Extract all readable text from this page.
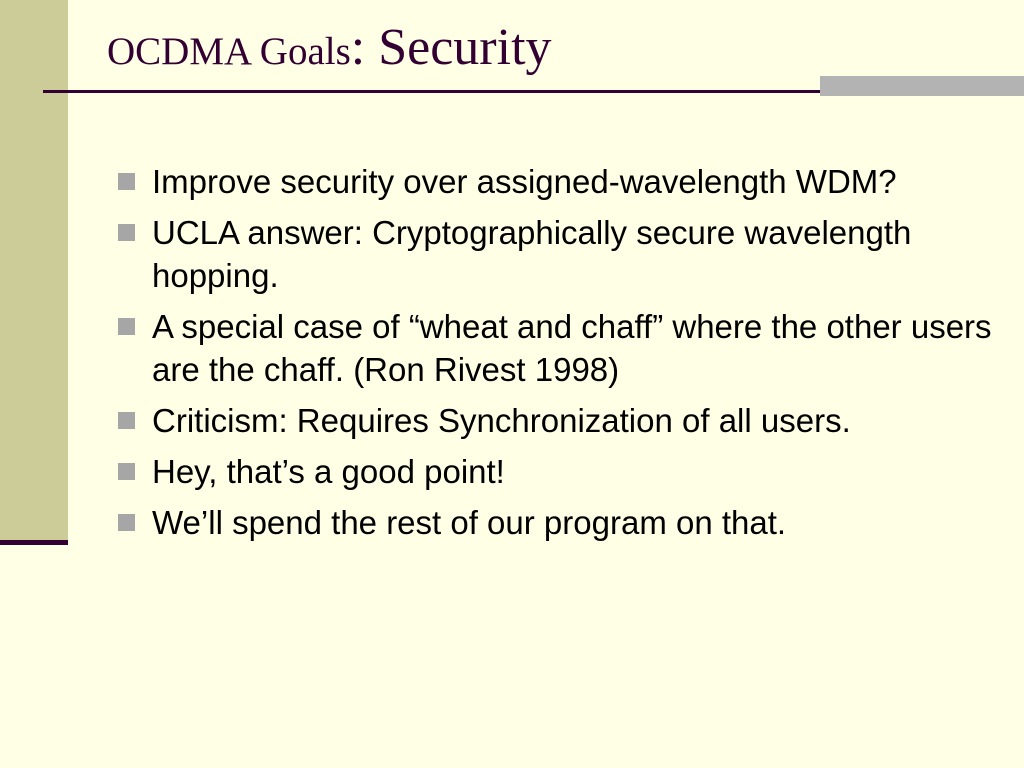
OCDMA Goals: Security
Improve security over assigned-wavelength WDM?
UCLA answer: Cryptographically secure wavelength hopping.
A special case of “wheat and chaff” where the other users are the chaff. (Ron Rivest 1998)
Criticism: Requires Synchronization of all users.
Hey, that’s a good point!
We’ll spend the rest of our program on that.
